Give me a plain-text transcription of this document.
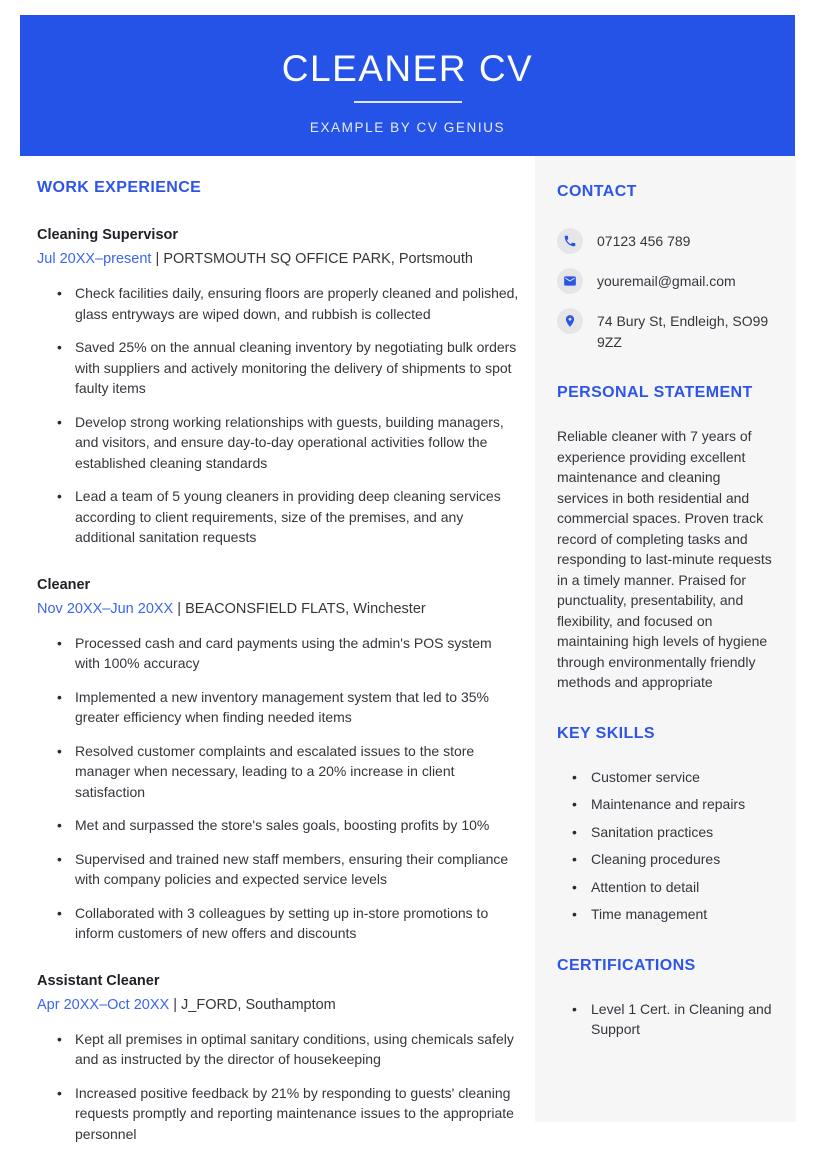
CLEANER CV
EXAMPLE BY CV GENIUS
WORK EXPERIENCE
Cleaning Supervisor
Jul 20XX–present | PORTSMOUTH SQ OFFICE PARK, Portsmouth
• Check facilities daily, ensuring floors are properly cleaned and polished, glass entryways are wiped down, and rubbish is collected
• Saved 25% on the annual cleaning inventory by negotiating bulk orders with suppliers and actively monitoring the delivery of shipments to spot faulty items
• Develop strong working relationships with guests, building managers, and visitors, and ensure day-to-day operational activities follow the established cleaning standards
• Lead a team of 5 young cleaners in providing deep cleaning services according to client requirements, size of the premises, and any additional sanitation requests
Cleaner
Nov 20XX–Jun 20XX | BEACONSFIELD FLATS, Winchester
• Processed cash and card payments using the admin's POS system with 100% accuracy
• Implemented a new inventory management system that led to 35% greater efficiency when finding needed items
• Resolved customer complaints and escalated issues to the store manager when necessary, leading to a 20% increase in client satisfaction
• Met and surpassed the store's sales goals, boosting profits by 10%
• Supervised and trained new staff members, ensuring their compliance with company policies and expected service levels
• Collaborated with 3 colleagues by setting up in-store promotions to inform customers of new offers and discounts
Assistant Cleaner
Apr 20XX–Oct 20XX | J_FORD, Southamptom
• Kept all premises in optimal sanitary conditions, using chemicals safely and as instructed by the director of housekeeping
• Increased positive feedback by 21% by responding to guests' cleaning requests promptly and reporting maintenance issues to the appropriate personnel
CONTACT
07123 456 789
youremail@gmail.com
74 Bury St, Endleigh, SO99 9ZZ
PERSONAL STATEMENT

Reliable cleaner with 7 years of experience providing excellent maintenance and cleaning services in both residential and commercial spaces. Proven track record of completing tasks and responding to last-minute requests in a timely manner. Praised for punctuality, presentability, and flexibility, and focused on maintaining high levels of hygiene through environmentally friendly methods and appropriate

KEY SKILLS
• Customer service
• Maintenance and repairs
• Sanitation practices
• Cleaning procedures
• Attention to detail
• Time management
CERTIFICATIONS
• Level 1 Cert. in Cleaning and Support
